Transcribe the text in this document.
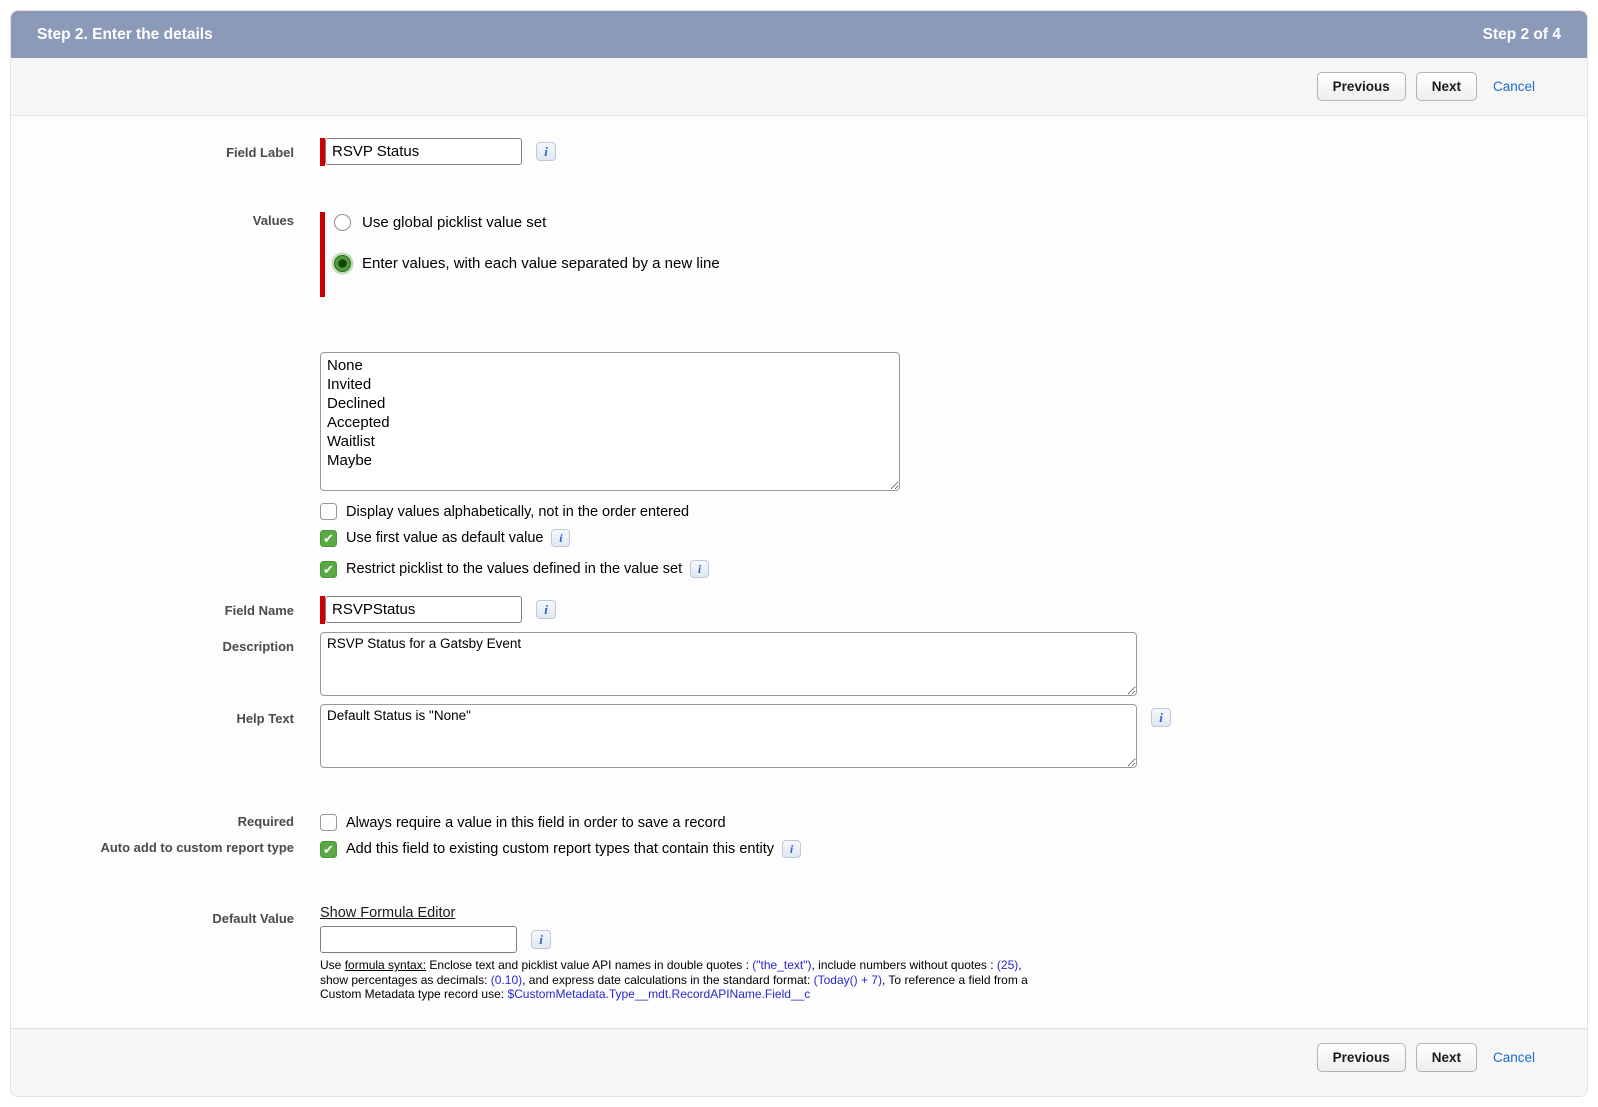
Step 2. Enter the details	Step 2 of 4
Previous	Next	Cancel
Field Label
RSVP Status	i
Values	Use global picklist value set
Enter values, with each value separated by a new line
None Invited Declined Accepted Waitlist Maybe
Display values alphabetically, not in the order entered
✔
Use first value as default value	i
✔
Restrict picklist to the values defined in the value set	i
Field Name
RSVPStatus	i
Description
RSVP Status for a Gatsby Event
Help Text
Default Status is "None"	i
Required	Always require a value in this field in order to save a record
Auto add to custom report type ✔	Add this field to existing custom report types that contain this entity	i
Default Value Show Formula Editor
i
Use formula syntax: Enclose text and picklist value API names in double quotes : ("the_text"), include numbers without quotes : (25), show percentages as decimals: (0.10), and express date calculations in the standard format: (Today() + 7), To reference a field from a Custom Metadata type record use: $CustomMetadata.Type__mdt.RecordAPIName.Field__c
Previous	Next	Cancel
